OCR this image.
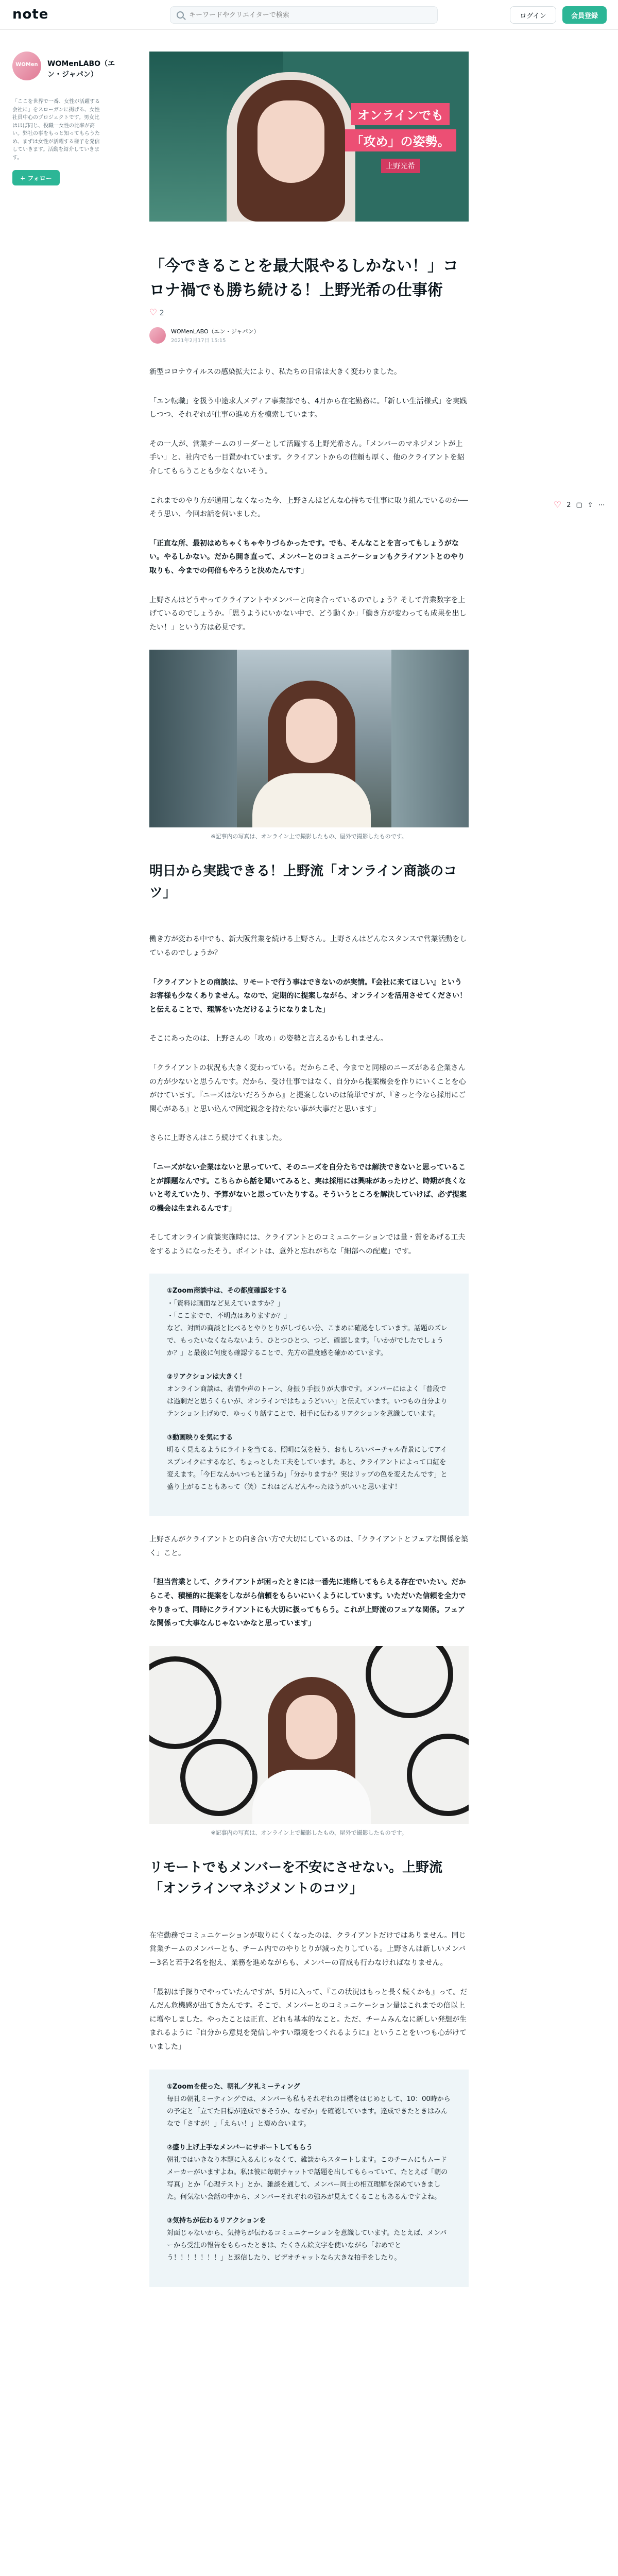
note
キーワードやクリエイターで検索	ログイン	会員登録
WOMen	WOMenLABO（エン・ジャパン）
「ここを世界で一番、女性が活躍する会社に」をスローガンに掲げる、女性社員中心のプロジェクトです。男女比はほぼ同じ、役職一女性の比率が高い。弊社の事をもっと知ってもらうため、まずは女性が活躍する様子を発信していきます。活動を紹介していきます。
+ フォロー
♡ 2 ▢ ⇪ ⋯
オンラインでも
「攻め」の姿勢。
上野光希
「今できることを最大限やるしかない！」コロナ禍でも勝ち続ける！上野光希の仕事術
♡ 2
WOMenLABO（エン・ジャパン）
2021年2月17日 15:15

新型コロナウイルスの感染拡大により、私たちの日常は大きく変わりました。

「エン転職」を扱う中途求人メディア事業部でも、4月から在宅勤務に。「新しい生活様式」を実践しつつ、それぞれが仕事の進め方を模索しています。

その一人が、営業チームのリーダーとして活躍する上野光希さん。「メンバーのマネジメントが上手い」と、社内でも一目置かれています。クライアントからの信頼も厚く、他のクライアントを紹介してもらうことも少なくないそう。

これまでのやり方が通用しなくなった今、上野さんはどんな心持ちで仕事に取り組んでいるのか──そう思い、今回お話を伺いました。

「正直な所、最初はめちゃくちゃやりづらかったです。でも、そんなことを言ってもしょうがない。やるしかない。だから開き直って、メンバーとのコミュニケーションもクライアントとのやり取りも、今までの何倍もやろうと決めたんです」

上野さんはどうやってクライアントやメンバーと向き合っているのでしょう？そして営業数字を上げているのでしょうか。「思うようにいかない中で、どう動くか」「働き方が変わっても成果を出したい！」という方は必見です。

※記事内の写真は、オンライン上で撮影したもの、屋外で撮影したものです。
明日から実践できる！上野流「オンライン商談のコツ」

働き方が変わる中でも、新大阪営業を続ける上野さん。上野さんはどんなスタンスで営業活動をしているのでしょうか？

「クライアントとの商談は、リモートで行う事はできないのが実情。『会社に来てほしい』というお客様も少なくありません。なので、定期的に提案しながら、オンラインを活用させてください！と伝えることで、理解をいただけるようになりました」

そこにあったのは、上野さんの「攻め」の姿勢と言えるかもしれません。

「クライアントの状況も大きく変わっている。だからこそ、今までと同様のニーズがある企業さんの方が少ないと思うんです。だから、受け仕事ではなく、自分から提案機会を作りにいくことを心がけています。『ニーズはないだろうから』と提案しないのは簡単ですが、『きっと今なら採用にご関心がある』と思い込んで固定観念を持たない事が大事だと思います」

さらに上野さんはこう続けてくれました。

「ニーズがない企業はないと思っていて、そのニーズを自分たちでは解決できないと思っていることが課題なんです。こちらから話を聞いてみると、実は採用には興味があったけど、時期が良くないと考えていたり、予算がないと思っていたりする。そういうところを解決していけば、必ず提案の機会は生まれるんです」

そしてオンライン商談実施時には、クライアントとのコミュニケーションでは量・質をあげる工夫をするようになったそう。ポイントは、意外と忘れがちな「細部への配慮」です。

①Zoom商談中は、その都度確認をする
・「資料は画面など見えていますか？」
・「ここまでで、不明点はありますか？」
など、対面の商談と比べるとやりとりがしづらい分、こまめに確認をしています。話題のズレで、もったいなくならないよう、ひとつひとつ、つど、確認します。「いかがでしたでしょうか？」と最後に何度も確認することで、先方の温度感を確かめています。

②リアクションは大きく！
オンライン商談は、表情や声のトーン、身振り手振りが大事です。メンバーにはよく「普段では過剰だと思うくらいが、オンラインではちょうどいい」と伝えています。いつもの自分よりテンション上げめで、ゆっくり話すことで、相手に伝わるリアクションを意識しています。

③動画映りを気にする
明るく見えるようにライトを当てる、照明に気を使う、おもしろいバーチャル背景にしてアイスブレイクにするなど、ちょっとした工夫をしています。あと、クライアントによって口紅を変えます。「今日なんかいつもと違うね」「分かりますか？実はリップの色を変えたんです」と盛り上がることもあって（笑）これはどんどんやったほうがいいと思います！

上野さんがクライアントとの向き合い方で大切にしているのは、「クライアントとフェアな関係を築く」こと。

「担当営業として、クライアントが困ったときには一番先に連絡してもらえる存在でいたい。だからこそ、積極的に提案をしながら信頼をもらいにいくようにしています。いただいた信頼を全力でやりきって、同時にクライアントにも大切に扱ってもらう。これが上野流のフェアな関係。フェアな関係って大事なんじゃないかなと思っています」

※記事内の写真は、オンライン上で撮影したもの、屋外で撮影したものです。
リモートでもメンバーを不安にさせない。上野流「オンラインマネジメントのコツ」

在宅勤務でコミュニケーションが取りにくくなったのは、クライアントだけではありません。同じ営業チームのメンバーとも、チーム内でのやりとりが減ったりしている。上野さんは新しいメンバー3名と若手2名を抱え、業務を進めながらも、メンバーの育成も行わなければなりません。

「最初は手探りでやっていたんですが、5月に入って、『この状況はもっと長く続くかも』って。だんだん危機感が出てきたんです。そこで、メンバーとのコミュニケーション量はこれまでの倍以上に増やしました。やったことは正直、どれも基本的なこと。ただ、チームみんなに新しい発想が生まれるように『自分から意見を発信しやすい環境をつくれるように』ということをいつも心がけていました」

①Zoomを使った、朝礼／夕礼ミーティング
毎日の朝礼ミーティングでは、メンバーも私もそれぞれの目標をはじめとして、10：00時からの予定と「立てた目標が達成できそうか、なぜか」を確認しています。達成できたときはみんなで「さすが！」「えらい！」と褒め合います。

②盛り上げ上手なメンバーにサポートしてもらう
朝礼ではいきなり本題に入るんじゃなくて、雑談からスタートします。このチームにもムードメーカーがいますよね。私は彼に毎朝チャットで話題を出してもらっていて、たとえば「朝の写真」とか「心理テスト」とか、雑談を通して、メンバー同士の相互理解を深めていきました。何気ない会話の中から、メンバーそれぞれの強みが見えてくることもあるんですよね。

③気持ちが伝わるリアクションを
対面じゃないから、気持ちが伝わるコミュニケーションを意識しています。たとえば、メンバーから受注の報告をもらったときは、たくさん絵文字を使いながら「おめでとう！！！！！！！」と返信したり、ビデオチャットなら大きな拍手をしたり。
